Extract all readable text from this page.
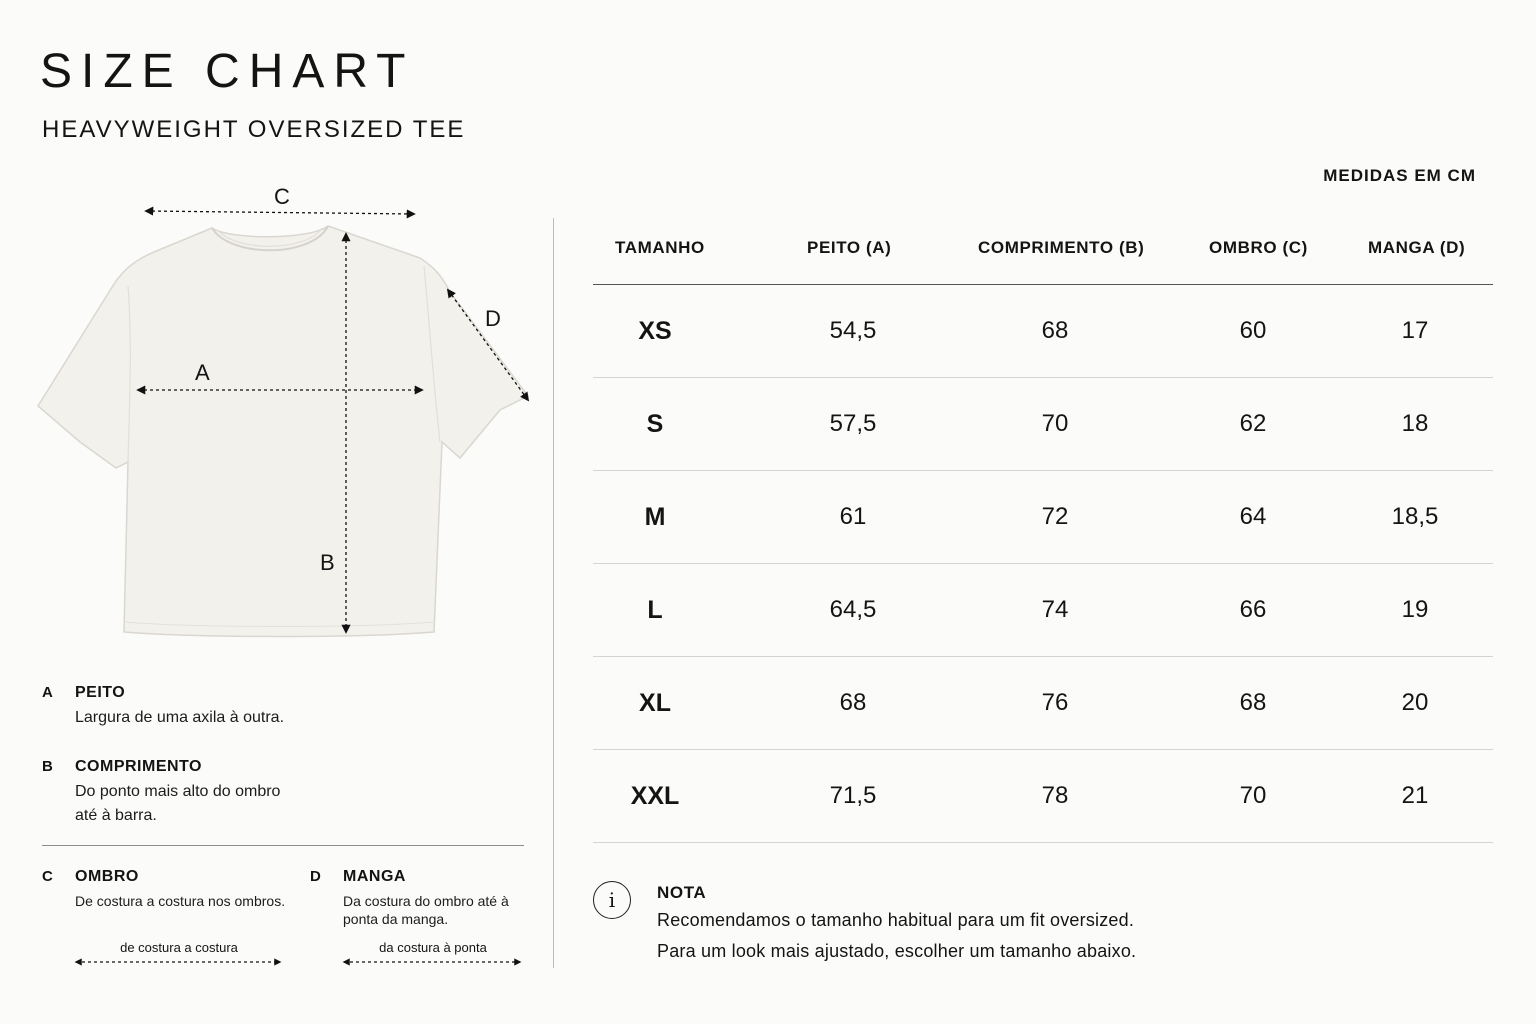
SIZE CHART
HEAVYWEIGHT OVERSIZED TEE
MEDIDAS EM CM
C
A
B
D
A PEITO
Largura de uma axila à outra.
B COMPRIMENTO
Do ponto mais alto do ombro
até à barra.
C OMBRO
De costura a costura nos ombros.
de costura a costura
D MANGA
Da costura do ombro até à
ponta da manga.
da costura à ponta
TAMANHO	PEITO (A)	COMPRIMENTO (B)	OMBRO (C)	MANGA (D)
XS	54,5	68	60	17
S	57,5	70	62	18
M	61	72	64	18,5
L	64,5	74	66	19
XL	68	76	68	20
XXL	71,5	78	70	21
i	NOTA
Recomendamos o tamanho habitual para um fit oversized.
Para um look mais ajustado, escolher um tamanho abaixo.
